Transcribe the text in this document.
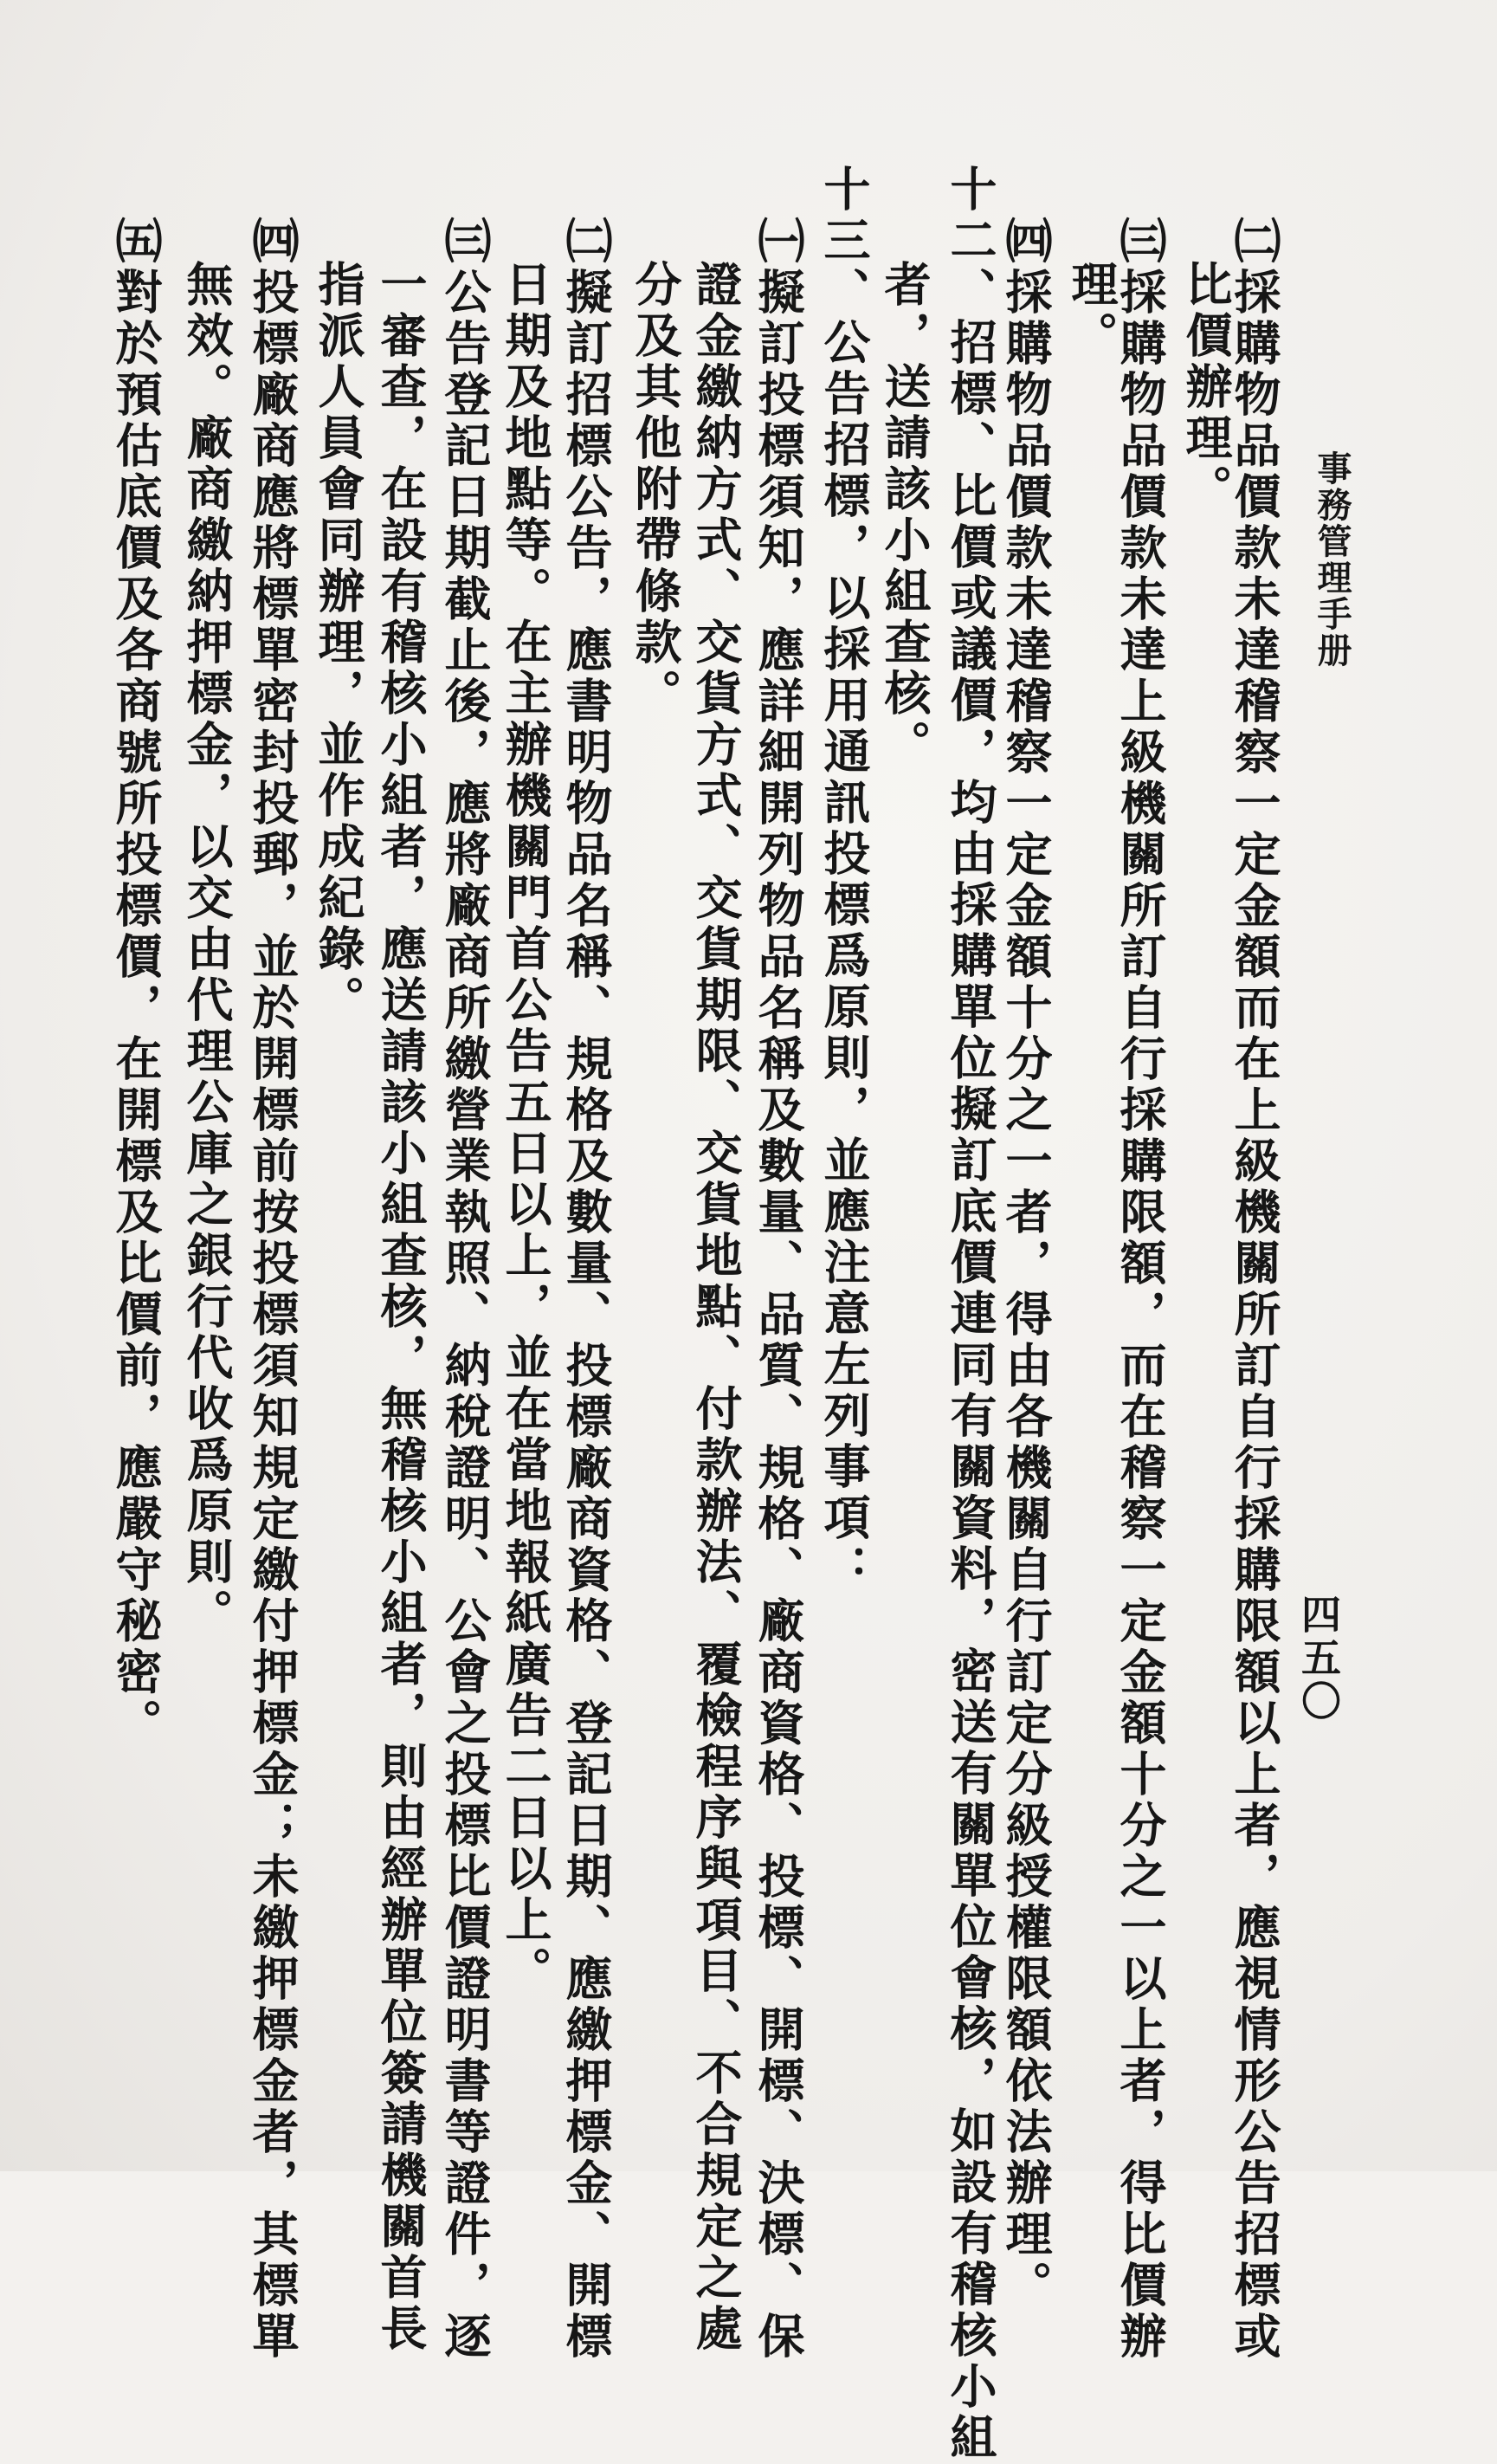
事務管理手册
四五〇
㈡採購物品價款未達稽察一定金額而在上級機關所訂自行採購限額以上者，應視情形公告招標或
比價辦理。
㈢採購物品價款未達上級機關所訂自行採購限額，而在稽察一定金額十分之一以上者，得比價辦
理。
㈣採購物品價款未達稽察一定金額十分之一者，得由各機關自行訂定分級授權限額依法辦理。
十二、招標、比價或議價，均由採購單位擬訂底價連同有關資料，密送有關單位會核，如設有稽核小組
者，送請該小組查核。
十三、公告招標，以採用通訊投標爲原則，並應注意左列事項：
㈠擬訂投標須知，應詳細開列物品名稱及數量、品質、規格、廠商資格、投標、開標、決標、保
證金繳納方式、交貨方式、交貨期限、交貨地點、付款辦法、覆檢程序與項目、不合規定之處
分及其他附帶條款。
㈡擬訂招標公告，應書明物品名稱、規格及數量、投標廠商資格、登記日期、應繳押標金、開標
日期及地點等。在主辦機關門首公告五日以上，並在當地報紙廣告二日以上。
㈢公告登記日期截止後，應將廠商所繳營業執照、納稅證明、公會之投標比價證明書等證件，逐
一審查，在設有稽核小組者，應送請該小組查核，無稽核小組者，則由經辦單位簽請機關首長
指派人員會同辦理，並作成紀錄。
㈣投標廠商應將標單密封投郵，並於開標前按投標須知規定繳付押標金；未繳押標金者，其標單
無效。廠商繳納押標金，以交由代理公庫之銀行代收爲原則。
㈤對於預估底價及各商號所投標價，在開標及比價前，應嚴守秘密。
